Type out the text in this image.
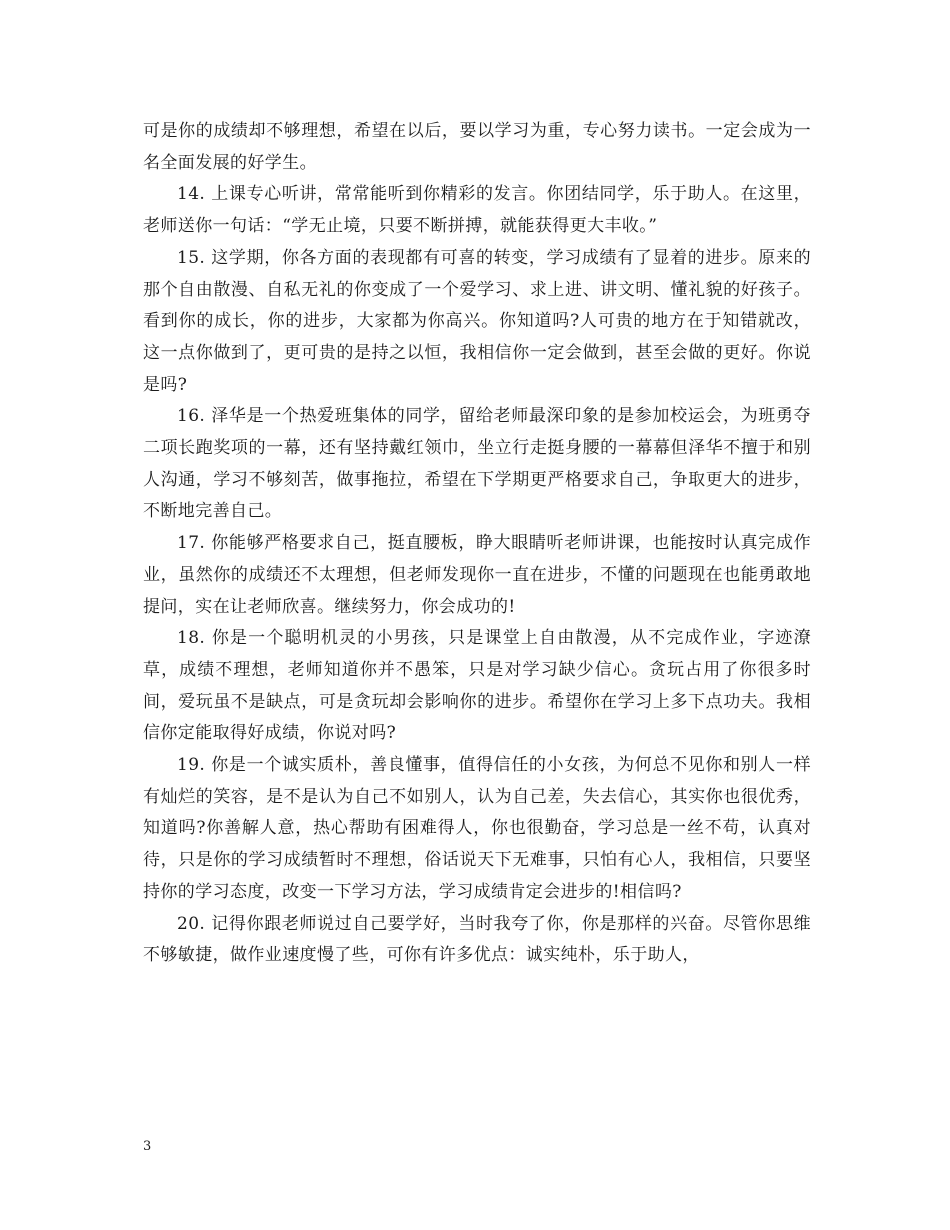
可是你的成绩却不够理想，希望在以后，要以学习为重，专心努力读书。一定会成为一名全面发展的好学生。

14. 上课专心听讲，常常能听到你精彩的发言。你团结同学，乐于助人。在这里，老师送你一句话：“学无止境，只要不断拼搏，就能获得更大丰收。”

15. 这学期，你各方面的表现都有可喜的转变，学习成绩有了显着的进步。原来的那个自由散漫、自私无礼的你变成了一个爱学习、求上进、讲文明、懂礼貌的好孩子。看到你的成长，你的进步，大家都为你高兴。你知道吗?人可贵的地方在于知错就改，这一点你做到了，更可贵的是持之以恒，我相信你一定会做到，甚至会做的更好。你说是吗?

16. 泽华是一个热爱班集体的同学，留给老师最深印象的是参加校运会，为班勇夺二项长跑奖项的一幕，还有坚持戴红领巾，坐立行走挺身腰的一幕幕但泽华不擅于和别人沟通，学习不够刻苦，做事拖拉，希望在下学期更严格要求自己，争取更大的进步，不断地完善自己。

17. 你能够严格要求自己，挺直腰板，睁大眼睛听老师讲课，也能按时认真完成作业，虽然你的成绩还不太理想，但老师发现你一直在进步，不懂的问题现在也能勇敢地提问，实在让老师欣喜。继续努力，你会成功的!

18. 你是一个聪明机灵的小男孩，只是课堂上自由散漫，从不完成作业，字迹潦草，成绩不理想，老师知道你并不愚笨，只是对学习缺少信心。贪玩占用了你很多时间，爱玩虽不是缺点，可是贪玩却会影响你的进步。希望你在学习上多下点功夫。我相信你定能取得好成绩，你说对吗?

19. 你是一个诚实质朴，善良懂事，值得信任的小女孩，为何总不见你和别人一样有灿烂的笑容，是不是认为自己不如别人，认为自己差，失去信心，其实你也很优秀，知道吗?你善解人意，热心帮助有困难得人，你也很勤奋，学习总是一丝不苟，认真对待，只是你的学习成绩暂时不理想，俗话说天下无难事，只怕有心人，我相信，只要坚持你的学习态度，改变一下学习方法，学习成绩肯定会进步的!相信吗?

20. 记得你跟老师说过自己要学好，当时我夸了你，你是那样的兴奋。尽管你思维不够敏捷，做作业速度慢了些，可你有许多优点：诚实纯朴，乐于助人，

3
